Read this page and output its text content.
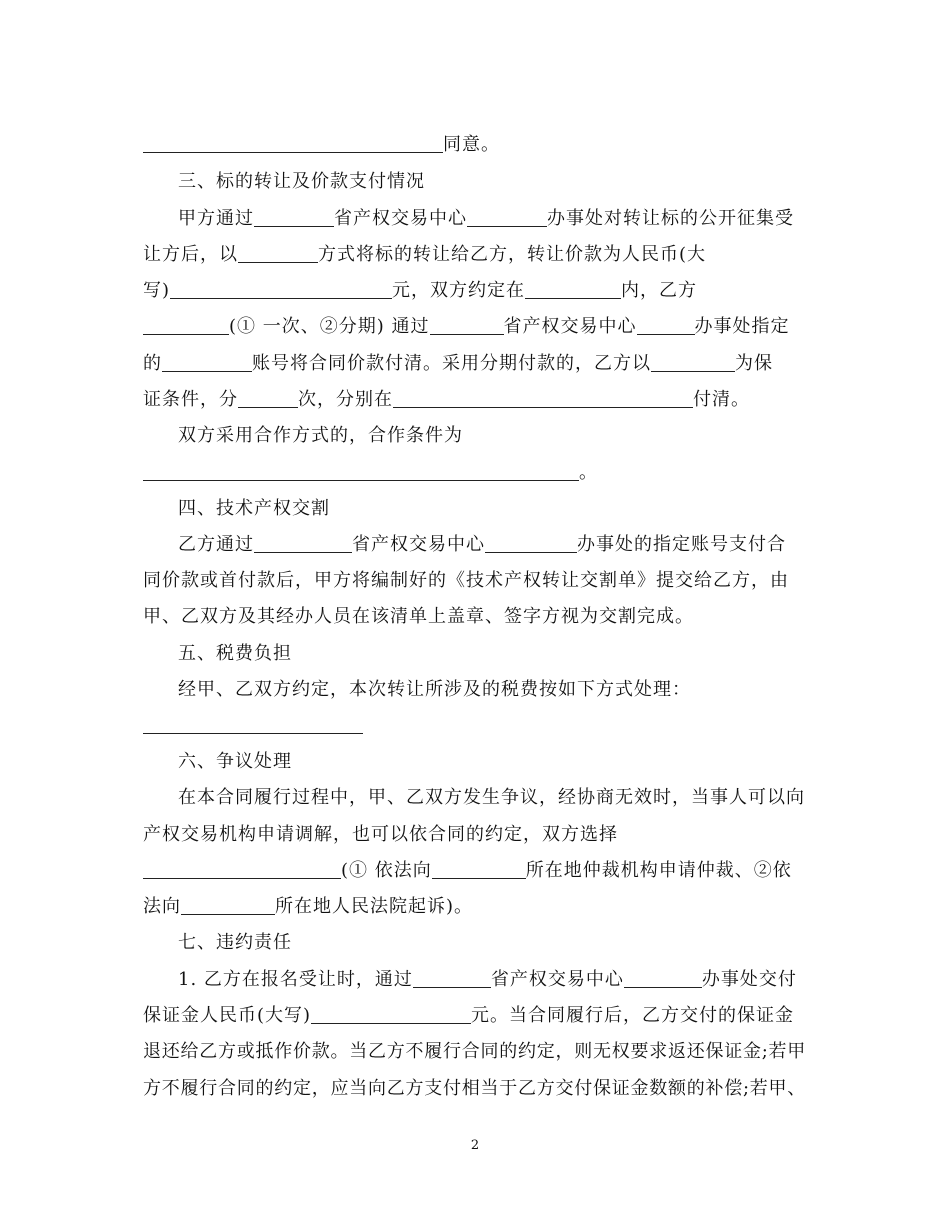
同意。

三、标的转让及价款支付情况

甲方通过	省产权交易中心	办事处对转让标的公开征集受

让方后，以	方式将标的转让给乙方，转让价款为人民币(大

写)	元，双方约定在	内，乙方

(① 一次、②分期) 通过	省产权交易中心	办事处指定

的	账号将合同价款付清。采用分期付款的，乙方以	为保

证条件，分	次，分别在	付清。

双方采用合作方式的，合作条件为

。

四、技术产权交割

乙方通过	省产权交易中心	办事处的指定账号支付合

同价款或首付款后，甲方将编制好的《技术产权转让交割单》提交给乙方，由

甲、乙双方及其经办人员在该清单上盖章、签字方视为交割完成。

五、税费负担

经甲、乙双方约定，本次转让所涉及的税费按如下方式处理：

六、争议处理

在本合同履行过程中，甲、乙双方发生争议，经协商无效时，当事人可以向

产权交易机构申请调解，也可以依合同的约定，双方选择

(① 依法向	所在地仲裁机构申请仲裁、②依

法向	所在地人民法院起诉)。

七、违约责任

1. 乙方在报名受让时，通过	省产权交易中心	办事处交付

保证金人民币(大写)	元。当合同履行后，乙方交付的保证金

退还给乙方或抵作价款。当乙方不履行合同的约定，则无权要求返还保证金;若甲

方不履行合同的约定，应当向乙方支付相当于乙方交付保证金数额的补偿;若甲、

2
